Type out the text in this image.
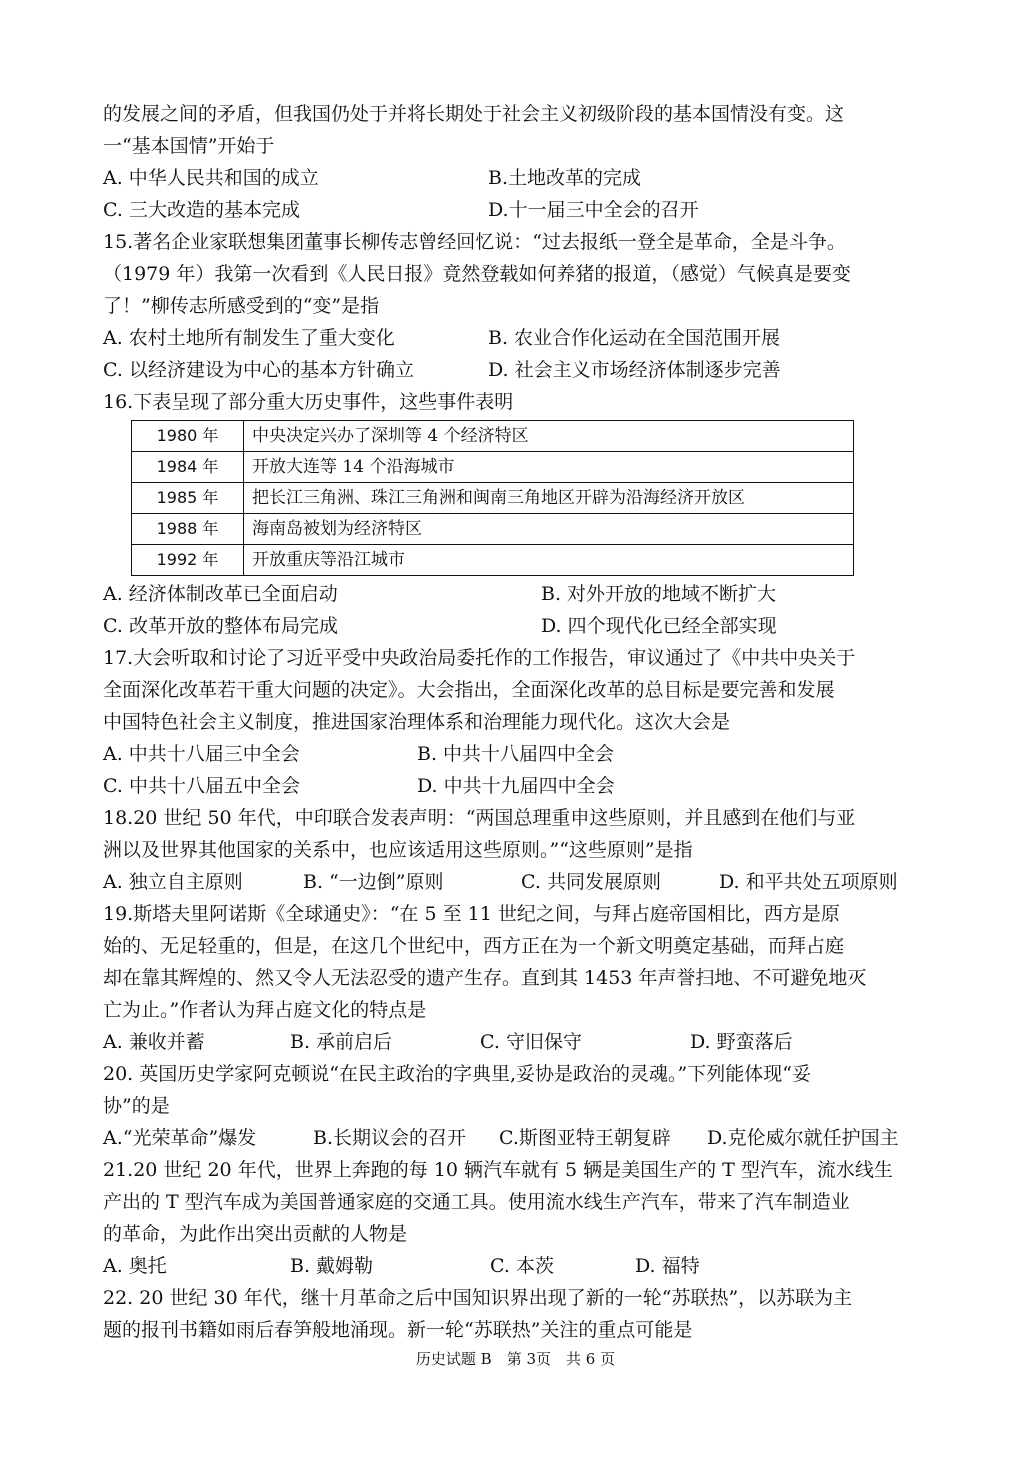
的发展之间的矛盾，但我国仍处于并将长期处于社会主义初级阶段的基本国情没有变。这
一“基本国情”开始于
A. 中华人民共和国的成立	B.土地改革的完成
C. 三大改造的基本完成	D.十一届三中全会的召开
15.著名企业家联想集团董事长柳传志曾经回忆说：“过去报纸一登全是革命，全是斗争。
（1979 年）我第一次看到《人民日报》竟然登载如何养猪的报道，（感觉）气候真是要变
了！”柳传志所感受到的“变”是指
A. 农村土地所有制发生了重大变化	B. 农业合作化运动在全国范围开展
C. 以经济建设为中心的基本方针确立	D. 社会主义市场经济体制逐步完善
16.下表呈现了部分重大历史事件，这些事件表明
1980 年	中央决定兴办了深圳等 4 个经济特区
1984 年	开放大连等 14 个沿海城市
1985 年	把长江三角洲、珠江三角洲和闽南三角地区开辟为沿海经济开放区
1988 年	海南岛被划为经济特区
1992 年	开放重庆等沿江城市
A. 经济体制改革已全面启动	B. 对外开放的地域不断扩大
C. 改革开放的整体布局完成	D. 四个现代化已经全部实现
17.大会听取和讨论了习近平受中央政治局委托作的工作报告，审议通过了《中共中央关于
全面深化改革若干重大问题的决定》。大会指出，全面深化改革的总目标是要完善和发展
中国特色社会主义制度，推进国家治理体系和治理能力现代化。这次大会是
A. 中共十八届三中全会	B. 中共十八届四中全会
C. 中共十八届五中全会	D. 中共十九届四中全会
18.20 世纪 50 年代，中印联合发表声明：“两国总理重申这些原则，并且感到在他们与亚
洲以及世界其他国家的关系中，也应该适用这些原则。”“这些原则”是指
A. 独立自主原则	B. “一边倒”原则	C. 共同发展原则	D. 和平共处五项原则
19.斯塔夫里阿诺斯《全球通史》：“在 5 至 11 世纪之间，与拜占庭帝国相比，西方是原
始的、无足轻重的，但是，在这几个世纪中，西方正在为一个新文明奠定基础，而拜占庭
却在靠其辉煌的、然又令人无法忍受的遗产生存。直到其 1453 年声誉扫地、不可避免地灭
亡为止。”作者认为拜占庭文化的特点是
A. 兼收并蓄	B. 承前启后	C. 守旧保守	D. 野蛮落后
20. 英国历史学家阿克顿说“在民主政治的字典里,妥协是政治的灵魂。”下列能体现“妥
协”的是
A.“光荣革命”爆发	B.长期议会的召开	C.斯图亚特王朝复辟	D.克伦威尔就任护国主
21.20 世纪 20 年代，世界上奔跑的每 10 辆汽车就有 5 辆是美国生产的 T 型汽车，流水线生
产出的 T 型汽车成为美国普通家庭的交通工具。使用流水线生产汽车，带来了汽车制造业
的革命，为此作出突出贡献的人物是
A. 奥托	B. 戴姆勒	C. 本茨	D. 福特
22. 20 世纪 30 年代，继十月革命之后中国知识界出现了新的一轮“苏联热”，以苏联为主
题的报刊书籍如雨后春笋般地涌现。新一轮“苏联热”关注的重点可能是
历史试题 B　第 3页　共 6 页
